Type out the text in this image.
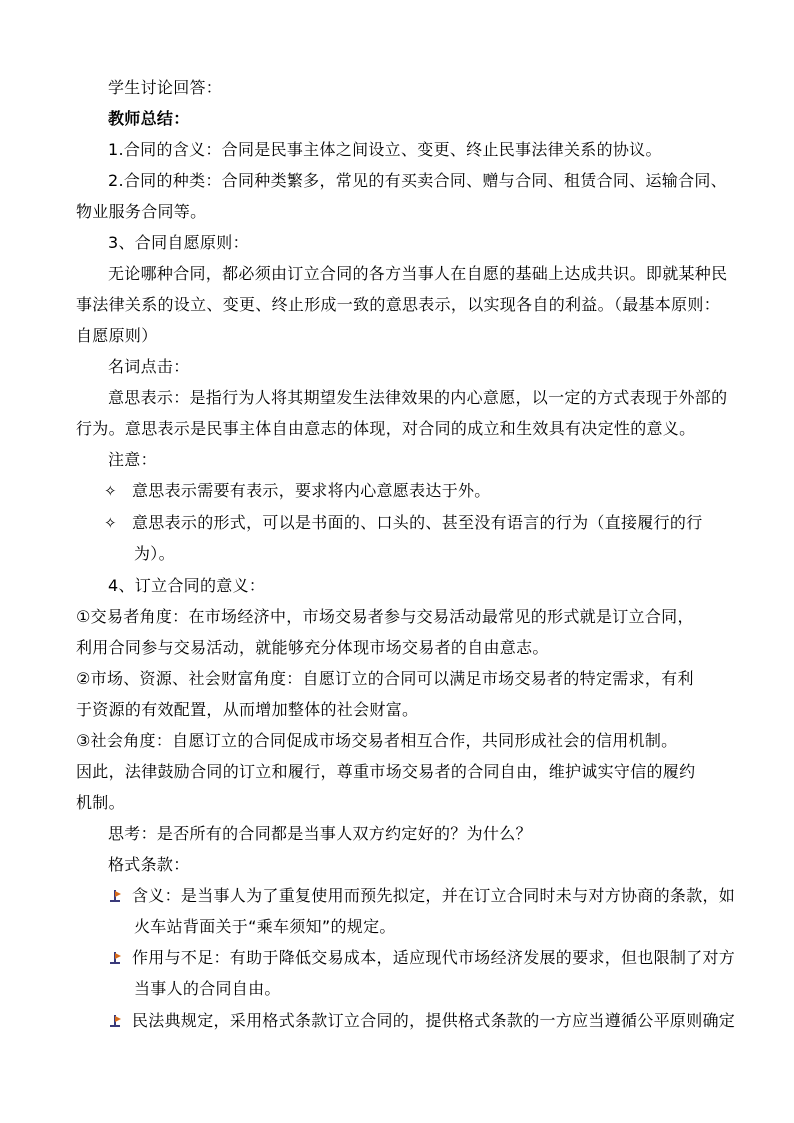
学生讨论回答：
教师总结：
1.合同的含义：合同是民事主体之间设立、变更、终止民事法律关系的协议。
2.合同的种类：合同种类繁多，常见的有买卖合同、赠与合同、租赁合同、运输合同、
物业服务合同等。
3、合同自愿原则：
无论哪种合同，都必须由订立合同的各方当事人在自愿的基础上达成共识。即就某种民
事法律关系的设立、变更、终止形成一致的意思表示，以实现各自的利益。（最基本原则：
自愿原则）
名词点击：
意思表示：是指行为人将其期望发生法律效果的内心意愿，以一定的方式表现于外部的
行为。意思表示是民事主体自由意志的体现，对合同的成立和生效具有决定性的意义。
注意：
✧ 意思表示需要有表示，要求将内心意愿表达于外。
✧ 意思表示的形式，可以是书面的、口头的、甚至没有语言的行为（直接履行的行
为）。
4、订立合同的意义：
①交易者角度：在市场经济中，市场交易者参与交易活动最常见的形式就是订立合同，
利用合同参与交易活动，就能够充分体现市场交易者的自由意志。
②市场、资源、社会财富角度：自愿订立的合同可以满足市场交易者的特定需求，有利
于资源的有效配置，从而增加整体的社会财富。
③社会角度：自愿订立的合同促成市场交易者相互合作，共同形成社会的信用机制。
因此，法律鼓励合同的订立和履行，尊重市场交易者的合同自由，维护诚实守信的履约
机制。
思考：是否所有的合同都是当事人双方约定好的？为什么？
格式条款：
含义：是当事人为了重复使用而预先拟定，并在订立合同时未与对方协商的条款，如
火车站背面关于“乘车须知”的规定。
作用与不足：有助于降低交易成本，适应现代市场经济发展的要求，但也限制了对方
当事人的合同自由。
民法典规定，采用格式条款订立合同的，提供格式条款的一方应当遵循公平原则确定
